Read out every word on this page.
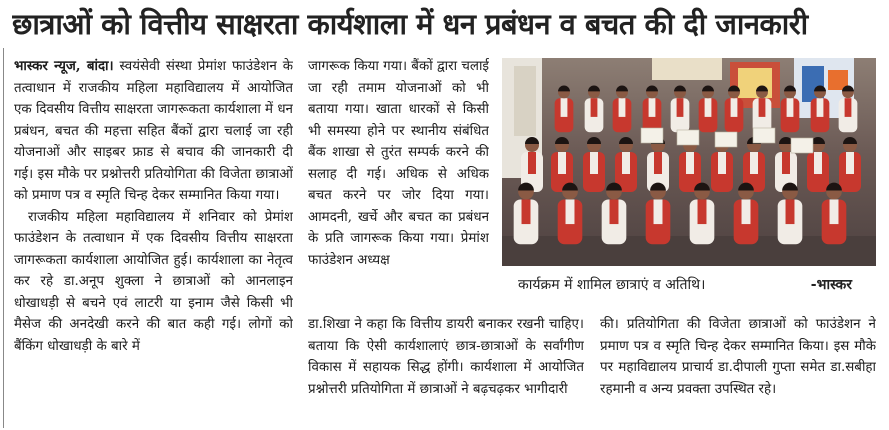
छात्राओं को वित्तीय साक्षरता कार्यशाला में धन प्रबंधन व बचत की दी जानकारी

भास्कर न्यूज, बांदा। स्वयंसेवी संस्था प्रेमांश फाउंडेशन के तत्वाधान में राजकीय महिला महाविद्यालय में आयोजित एक दिवसीय वित्तीय साक्षरता जागरूकता कार्यशाला में धन प्रबंधन, बचत की महत्ता सहित बैंकों द्वारा चलाई जा रही योजनाओं और साइबर फ्राड से बचाव की जानकारी दी गई। इस मौके पर प्रश्नोत्तरी प्रतियोगिता की विजेता छात्राओं को प्रमाण पत्र व स्मृति चिन्ह देकर सम्मानित किया गया।

राजकीय महिला महाविद्यालय में शनिवार को प्रेमांश फाउंडेशन के तत्वाधान में एक दिवसीय वित्तीय साक्षरता जागरूकता कार्यशाला आयोजित हुई। कार्यशाला का नेतृत्व कर रहे डा.अनूप शुक्ला ने छात्राओं को आनलाइन धोखाधड़ी से बचने एवं लाटरी या इनाम जैसे किसी भी मैसेज की अनदेखी करने की बात कही गई। लोगों को बैंकिंग धोखाधड़ी के बारे में

जागरूक किया गया। बैंकों द्वारा चलाई जा रही तमाम योजनाओं को भी बताया गया। खाता धारकों से किसी भी समस्या होने पर स्थानीय संबंधित बैंक शाखा से तुरंत सम्पर्क करने की सलाह दी गई। अधिक से अधिक बचत करने पर जोर दिया गया। आमदनी, खर्चे और बचत का प्रबंधन के प्रति जागरूक किया गया। प्रेमांश फाउंडेशन अध्यक्ष

कार्यक्रम में शामिल छात्राएं व अतिथि।	-भास्कर

डा.शिखा ने कहा कि वित्तीय डायरी बनाकर रखनी चाहिए। बताया कि ऐसी कार्यशालाएं छात्र-छात्राओं के सर्वांगीण विकास में सहायक सिद्ध होंगी। कार्यशाला में आयोजित प्रश्नोत्तरी प्रतियोगिता में छात्राओं ने बढ़चढ़कर भागीदारी

की। प्रतियोगिता की विजेता छात्राओं को फाउंडेशन ने प्रमाण पत्र व स्मृति चिन्ह देकर सम्मानित किया। इस मौके पर महाविद्यालय प्राचार्य डा.दीपाली गुप्ता समेत डा.सबीहा रहमानी व अन्य प्रवक्ता उपस्थित रहे।
